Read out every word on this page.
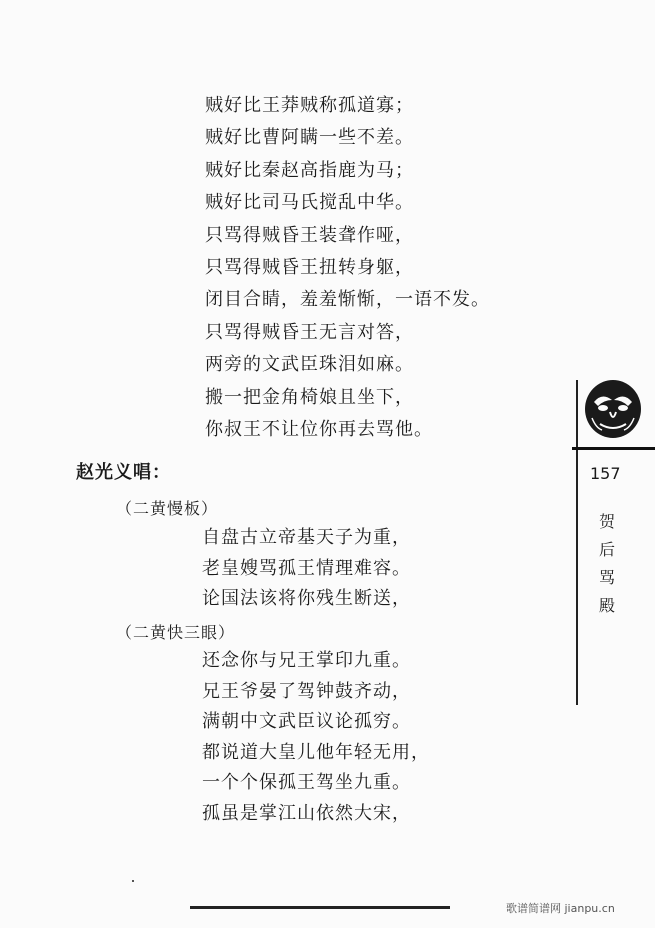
贼好比王莽贼称孤道寡；
贼好比曹阿瞒一些不差。
贼好比秦赵高指鹿为马；
贼好比司马氏搅乱中华。
只骂得贼昏王装聋作哑，
只骂得贼昏王扭转身躯，
闭目合睛，羞羞惭惭，一语不发。
只骂得贼昏王无言对答，
两旁的文武臣珠泪如麻。
搬一把金角椅娘且坐下，
你叔王不让位你再去骂他。
赵光义唱：
（二黄慢板）
自盘古立帝基天子为重，
老皇嫂骂孤王情理难容。
论国法该将你残生断送，
（二黄快三眼）
还念你与兄王掌印九重。
兄王爷晏了驾钟鼓齐动，
满朝中文武臣议论孤穷。
都说道大皇儿他年轻无用，
一个个保孤王驾坐九重。
孤虽是掌江山依然大宋，
157
贺后骂殿
歌谱简谱网 jianpu.cn
